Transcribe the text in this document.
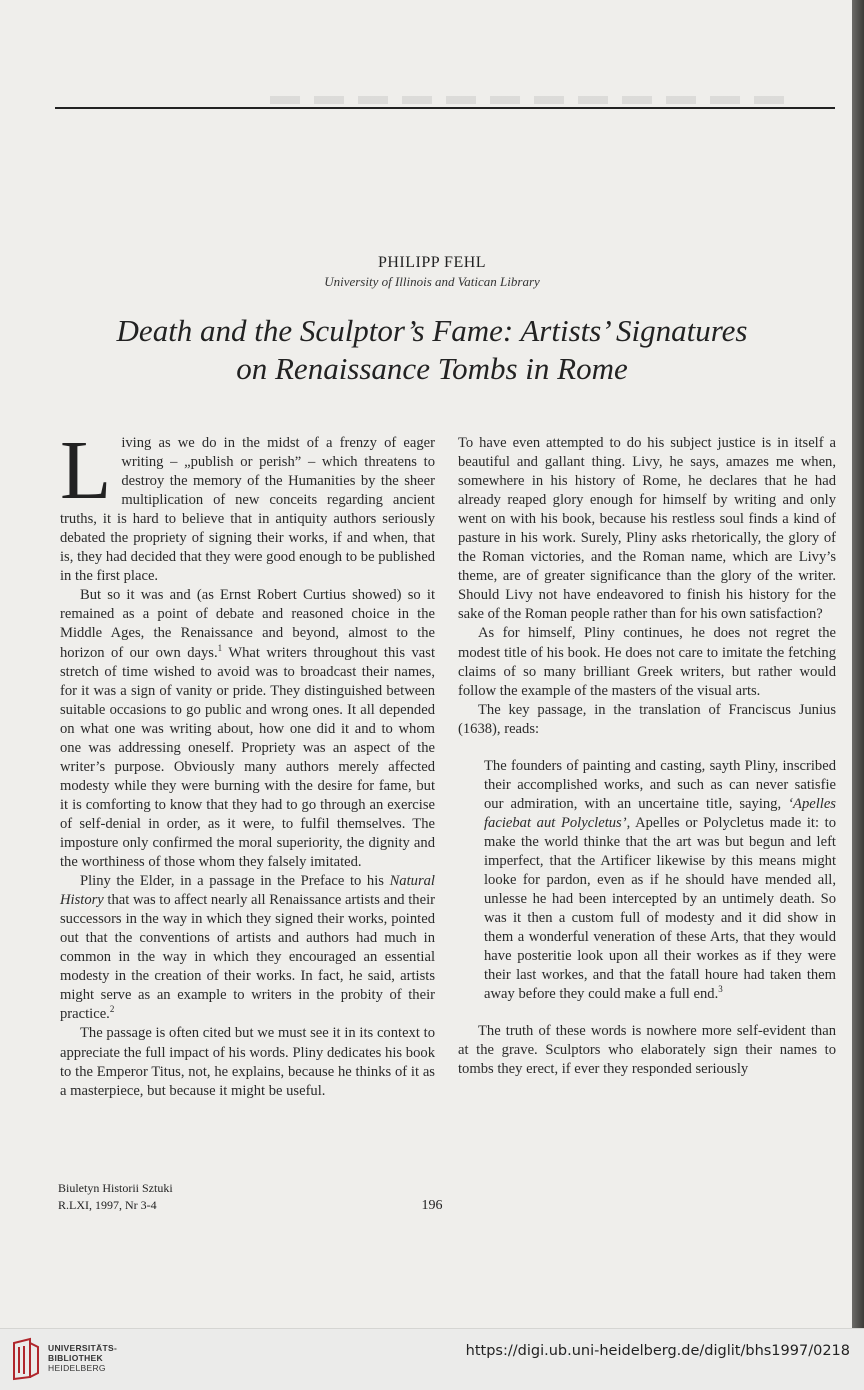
PHILIPP FEHL
University of Illinois and Vatican Library
Death and the Sculptor’s Fame: Artists’ Signatures
on Renaissance Tombs in Rome

Living as we do in the midst of a frenzy of eager writing – „publish or perish” – which threatens to destroy the memory of the Humanities by the sheer multiplication of new conceits regarding ancient truths, it is hard to believe that in antiquity authors seriously debated the propriety of signing their works, if and when, that is, they had decided that they were good enough to be published in the first place.

But so it was and (as Ernst Robert Curtius showed) so it remained as a point of debate and reasoned choice in the Middle Ages, the Renaissance and beyond, almost to the horizon of our own days.$^1$ What writers throughout this vast stretch of time wished to avoid was to broadcast their names, for it was a sign of vanity or pride. They distinguished between suitable occasions to go public and wrong ones. It all depended on what one was writing about, how one did it and to whom one was addressing oneself. Propriety was an aspect of the writer’s purpose. Obviously many authors merely affected modesty while they were burning with the desire for fame, but it is comforting to know that they had to go through an exercise of self-denial in order, as it were, to fulfil themselves. The imposture only confirmed the moral superiority, the dignity and the worthiness of those whom they falsely imitated.

Pliny the Elder, in a passage in the Preface to his Natural History that was to affect nearly all Renaissance artists and their successors in the way in which they signed their works, pointed out that the conventions of artists and authors had much in common in the way in which they encouraged an essential modesty in the creation of their works. In fact, he said, artists might serve as an example to writers in the probity of their practice.$^2$

The passage is often cited but we must see it in its context to appreciate the full impact of his words. Pliny dedicates his book to the Emperor Titus, not, he explains, because he thinks of it as a masterpiece, but because it might be useful.

To have even attempted to do his subject justice is in itself a beautiful and gallant thing. Livy, he says, amazes me when, somewhere in his history of Rome, he declares that he had already reaped glory enough for himself by writing and only went on with his book, because his restless soul finds a kind of pasture in his work. Surely, Pliny asks rhetorically, the glory of the Roman victories, and the Roman name, which are Livy’s theme, are of greater significance than the glory of the writer. Should Livy not have endeavored to finish his history for the sake of the Roman people rather than for his own satisfaction?

As for himself, Pliny continues, he does not regret the modest title of his book. He does not care to imitate the fetching claims of so many brilliant Greek writers, but rather would follow the example of the masters of the visual arts.

The key passage, in the translation of Franciscus Junius (1638), reads:

The founders of painting and casting, sayth Pliny, inscribed their accomplished works, and such as can never satisfie our admiration, with an uncertaine title, saying, ‘Apelles faciebat aut Polycletus’, Apelles or Polycletus made it: to make the world thinke that the art was but begun and left imperfect, that the Artificer likewise by this means might looke for pardon, even as if he should have mended all, unlesse he had been intercepted by an untimely death. So was it then a custom full of modesty and it did show in them a wonderful veneration of these Arts, that they would have posteritie look upon all their workes as if they were their last workes, and that the fatall houre had taken them away before they could make a full end.$^3$

The truth of these words is nowhere more self-evident than at the grave. Sculptors who elaborately sign their names to tombs they erect, if ever they responded seriously

Biuletyn Historii Sztuki
R.LXI, 1997, Nr 3-4	196
UNIVERSITÄTS-
BIBLIOTHEK
HEIDELBERG
https://digi.ub.uni-heidelberg.de/diglit/bhs1997/0218
